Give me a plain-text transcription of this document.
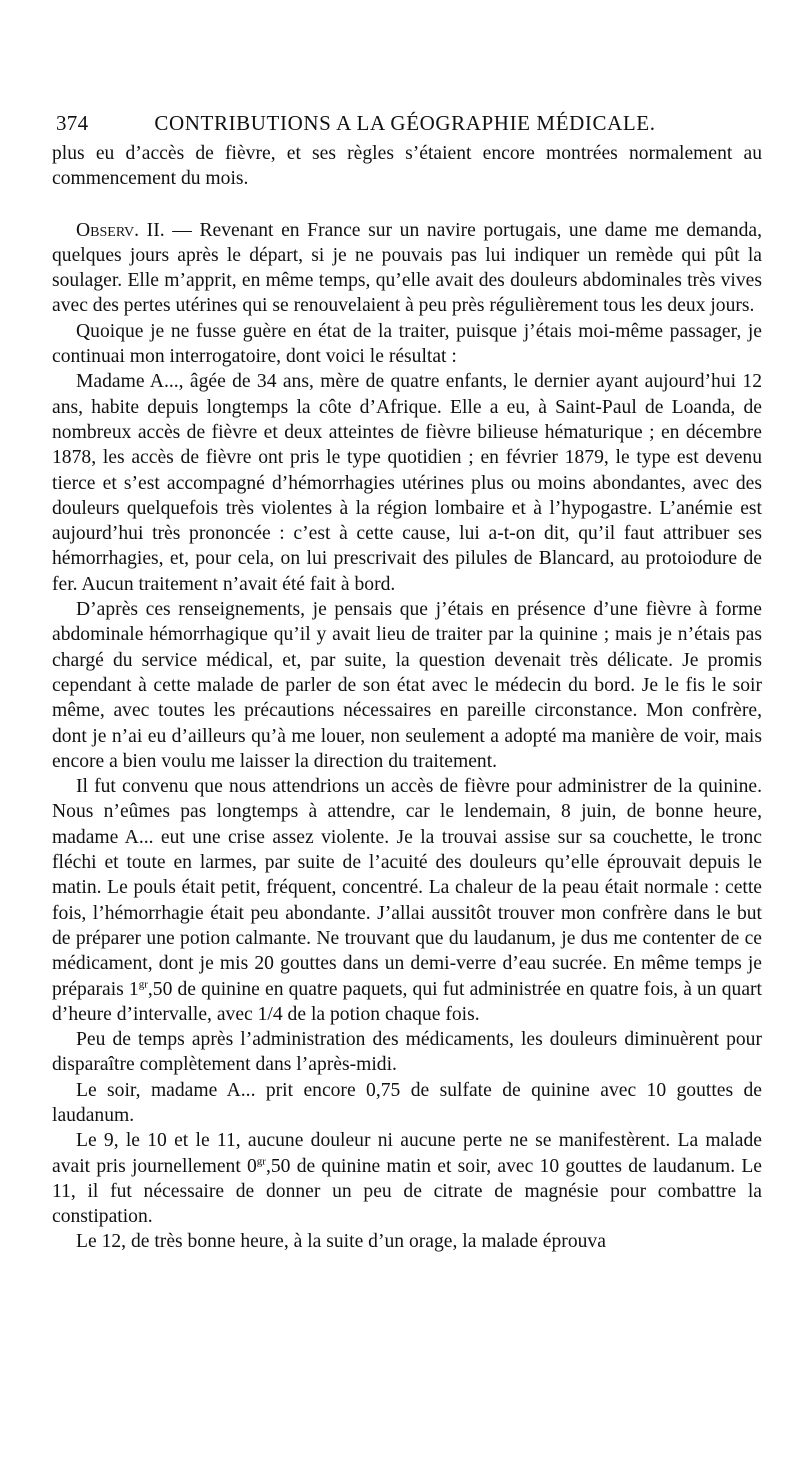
374	CONTRIBUTIONS A LA GÉOGRAPHIE MÉDICALE.

plus eu d’accès de fièvre, et ses règles s’étaient encore montrées normalement au commencement du mois.

Observ. II. — Revenant en France sur un navire portugais, une dame me demanda, quelques jours après le départ, si je ne pouvais pas lui indiquer un remède qui pût la soulager. Elle m’apprit, en même temps, qu’elle avait des douleurs abdominales très vives avec des pertes utérines qui se renouvelaient à peu près régulièrement tous les deux jours.

Quoique je ne fusse guère en état de la traiter, puisque j’étais moi-même passager, je continuai mon interrogatoire, dont voici le résultat :

Madame A..., âgée de 34 ans, mère de quatre enfants, le dernier ayant aujourd’hui 12 ans, habite depuis longtemps la côte d’Afrique. Elle a eu, à Saint-Paul de Loanda, de nombreux accès de fièvre et deux atteintes de fièvre bilieuse hématurique ; en décembre 1878, les accès de fièvre ont pris le type quotidien ; en février 1879, le type est devenu tierce et s’est accompagné d’hémorrhagies utérines plus ou moins abondantes, avec des douleurs quelquefois très violentes à la région lombaire et à l’hypogastre. L’anémie est aujourd’hui très prononcée : c’est à cette cause, lui a-t-on dit, qu’il faut attribuer ses hémorrhagies, et, pour cela, on lui prescrivait des pilules de Blancard, au protoiodure de fer. Aucun traitement n’avait été fait à bord.

D’après ces renseignements, je pensais que j’étais en présence d’une fièvre à forme abdominale hémorrhagique qu’il y avait lieu de traiter par la quinine ; mais je n’étais pas chargé du service médical, et, par suite, la question devenait très délicate. Je promis cependant à cette malade de parler de son état avec le médecin du bord. Je le fis le soir même, avec toutes les précautions nécessaires en pareille circonstance. Mon confrère, dont je n’ai eu d’ailleurs qu’à me louer, non seulement a adopté ma manière de voir, mais encore a bien voulu me laisser la direction du traitement.

Il fut convenu que nous attendrions un accès de fièvre pour administrer de la quinine. Nous n’eûmes pas longtemps à attendre, car le lendemain, 8 juin, de bonne heure, madame A... eut une crise assez violente. Je la trouvai assise sur sa couchette, le tronc fléchi et toute en larmes, par suite de l’acuité des douleurs qu’elle éprouvait depuis le matin. Le pouls était petit, fréquent, concentré. La chaleur de la peau était normale : cette fois, l’hémorrhagie était peu abondante. J’allai aussitôt trouver mon confrère dans le but de préparer une potion calmante. Ne trouvant que du laudanum, je dus me contenter de ce médicament, dont je mis 20 gouttes dans un demi-verre d’eau sucrée. En même temps je préparais $1^{gr},50$ de quinine en quatre paquets, qui fut administrée en quatre fois, à un quart d’heure d’intervalle, avec 1/4 de la potion chaque fois.

Peu de temps après l’administration des médicaments, les douleurs diminuèrent pour disparaître complètement dans l’après-midi.

Le soir, madame A... prit encore 0,75 de sulfate de quinine avec 10 gouttes de laudanum.

Le 9, le 10 et le 11, aucune douleur ni aucune perte ne se manifestèrent. La malade avait pris journellement $0^{gr},50$ de quinine matin et soir, avec 10 gouttes de laudanum. Le 11, il fut nécessaire de donner un peu de citrate de magnésie pour combattre la constipation.

Le 12, de très bonne heure, à la suite d’un orage, la malade éprouva
